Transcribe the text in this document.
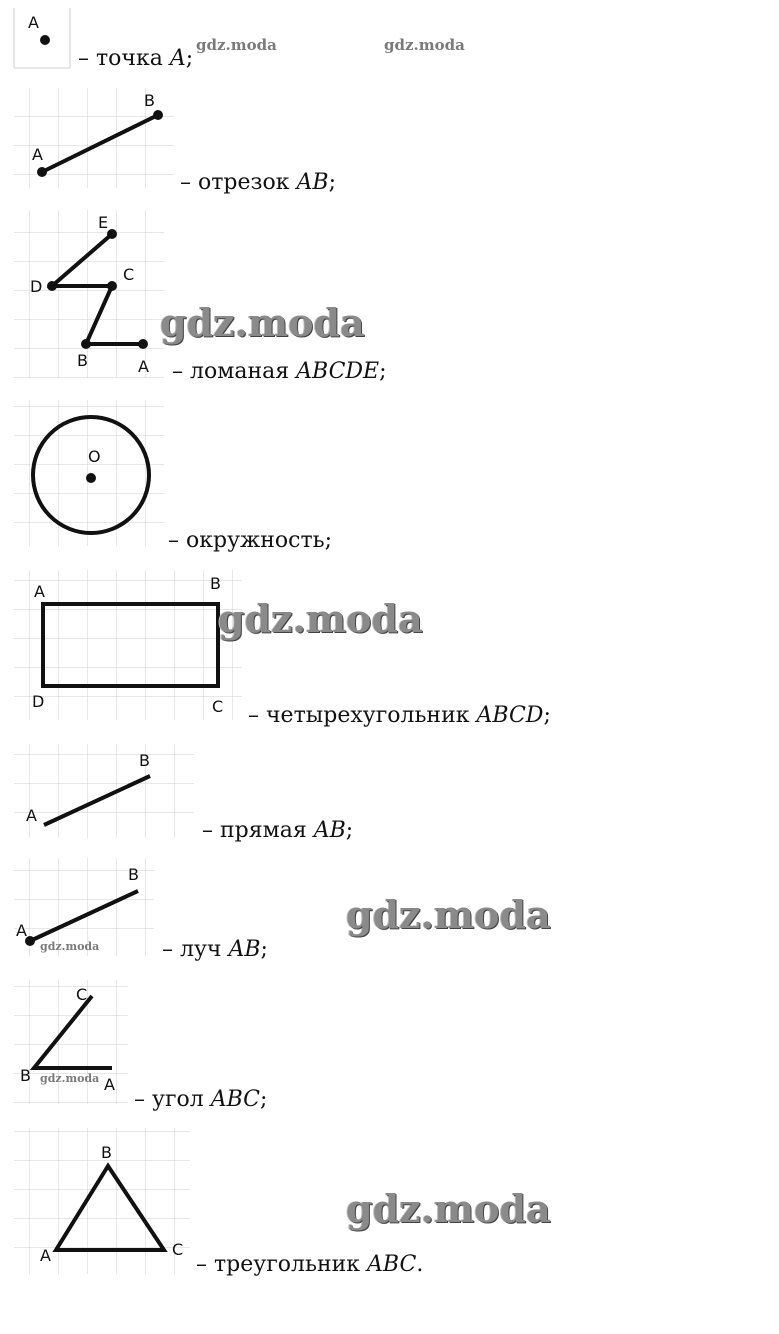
A
A
B
E
D
C
B	A
O
A	B
C
D
A
B
A
B
C
B	A
B
A	C
– точка A;
– отрезок AB;
– ломаная ABCDE;
– окружность;
– четырехугольник ABCD;
– прямая AB;
– луч AB;
– угол ABC;
– треугольник ABC.
gdz.moda	gdz.moda
gdz.moda
gdz.moda
gdz.moda
gdz.moda
gdz.moda
gdz.moda
